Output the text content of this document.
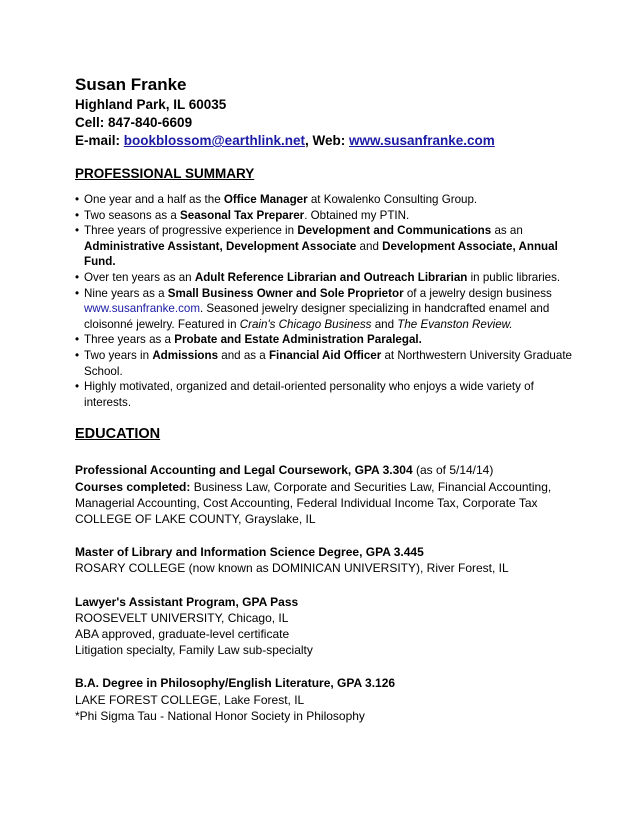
Susan Franke
Highland Park, IL 60035
Cell: 847-840-6609
E-mail: bookblossom@earthlink.net, Web: www.susanfranke.com
PROFESSIONAL SUMMARY
• One year and a half as the Office Manager at Kowalenko Consulting Group.
• Two seasons as a Seasonal Tax Preparer. Obtained my PTIN.
• Three years of progressive experience in Development and Communications as an Administrative Assistant, Development Associate and Development Associate, Annual Fund.
• Over ten years as an Adult Reference Librarian and Outreach Librarian in public libraries.
• Nine years as a Small Business Owner and Sole Proprietor of a jewelry design business www.susanfranke.com. Seasoned jewelry designer specializing in handcrafted enamel and cloisonné jewelry. Featured in Crain's Chicago Business and The Evanston Review.
• Three years as a Probate and Estate Administration Paralegal.
• Two years in Admissions and as a Financial Aid Officer at Northwestern University Graduate School.
• Highly motivated, organized and detail-oriented personality who enjoys a wide variety of interests.
EDUCATION
Professional Accounting and Legal Coursework, GPA 3.304 (as of 5/14/14)
Courses completed: Business Law, Corporate and Securities Law, Financial Accounting, Managerial Accounting, Cost Accounting, Federal Individual Income Tax, Corporate Tax
COLLEGE OF LAKE COUNTY, Grayslake, IL
Master of Library and Information Science Degree, GPA 3.445
ROSARY COLLEGE (now known as DOMINICAN UNIVERSITY), River Forest, IL
Lawyer's Assistant Program, GPA Pass
ROOSEVELT UNIVERSITY, Chicago, IL
ABA approved, graduate-level certificate
Litigation specialty, Family Law sub-specialty
B.A. Degree in Philosophy/English Literature, GPA 3.126
LAKE FOREST COLLEGE, Lake Forest, IL
*Phi Sigma Tau - National Honor Society in Philosophy
